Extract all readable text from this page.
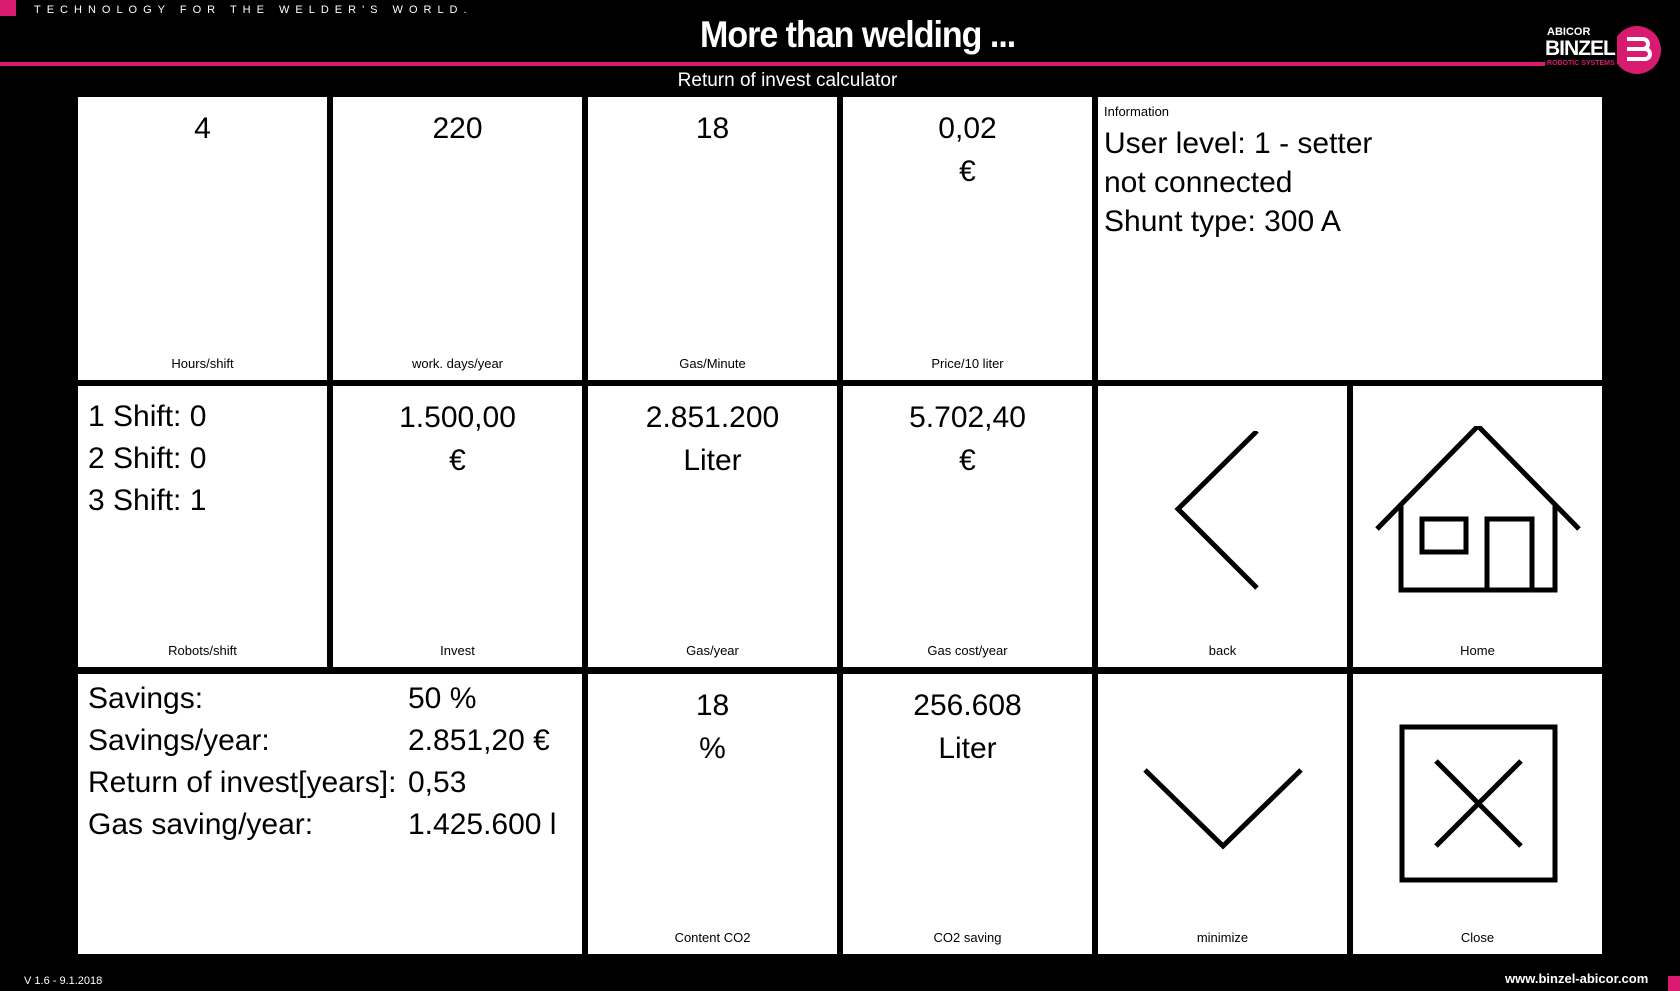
TECHNOLOGY FOR THE WELDER'S WORLD.
More than welding ...	ABICOR
BINZEL
ROBOTIC SYSTEMS
Return of invest calculator
4
Hours/shift
220
work. days/year
18
Gas/Minute
0,02
€
Price/10 liter
Information
User level: 1 - setter
not connected
Shunt type: 300 A
1 Shift: 0
2 Shift: 0
3 Shift: 1
Robots/shift
1.500,00
€
Invest
2.851.200
Liter
Gas/year
5.702,40
€
Gas cost/year	back	Home
Savings:	50 %
Savings/year:	2.851,20 €
Return of invest[years]: 0,53
Gas saving/year:	1.425.600 l
18
%
Content CO2
256.608
Liter
CO2 saving	minimize	Close
V 1.6 - 9.1.2018	www.binzel-abicor.com
